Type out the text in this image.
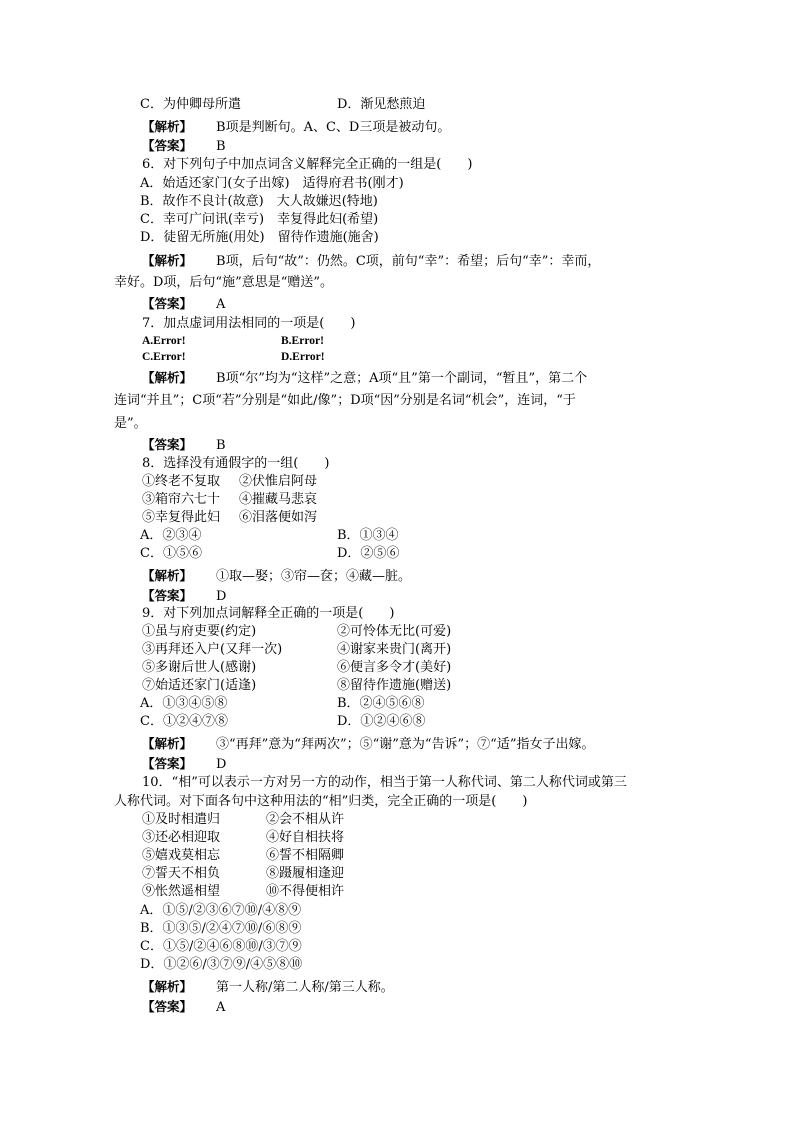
C．为仲卿母所遣	D．渐见愁煎迫
【解析】 B项是判断句。A、C、D三项是被动句。
【答案】 B
6．对下列句子中加点词含义解释完全正确的一组是(　　)
A．始适还家门(女子出嫁)　适得府君书(刚才)
B．故作不良计(故意)　大人故嫌迟(特地)
C．幸可广问讯(幸亏)　幸复得此妇(希望)
D．徒留无所施(用处)　留待作遗施(施舍)
【解析】 B项，后句“故”：仍然。C项，前句“幸”：希望；后句“幸”：幸而，
幸好。D项，后句“施”意思是“赠送”。
【答案】 A
7．加点虚词用法相同的一项是(　　)
A.Error!	B.Error!
C.Error!	D.Error!
【解析】 B项“尔”均为“这样”之意；A项“且”第一个副词，“暂且”，第二个
连词“并且”；C项“若”分别是“如此/像”；D项“因”分别是名词“机会”，连词，“于
是”。
【答案】 B
8．选择没有通假字的一组(　　)
①终老不复取 ②伏惟启阿母
③箱帘六七十 ④摧藏马悲哀
⑤幸复得此妇 ⑥泪落便如泻
A．②③④	B．①③④
C．①⑤⑥	D．②⑤⑥
【解析】 ①取—娶；③帘—奁；④藏—脏。
【答案】 D
9．对下列加点词解释全正确的一项是(　　)
①虽与府吏要(约定)	②可怜体无比(可爱)
③再拜还入户(又拜一次)	④谢家来贵门(离开)
⑤多谢后世人(感谢)	⑥便言多令才(美好)
⑦始适还家门(适逢)	⑧留待作遗施(赠送)
A．①③④⑤⑧	B．②④⑤⑥⑧
C．①②④⑦⑧	D．①②④⑥⑧
【解析】 ③“再拜”意为“拜两次”；⑤“谢”意为“告诉”；⑦“适”指女子出嫁。
【答案】 D
10．“相”可以表示一方对另一方的动作，相当于第一人称代词、第二人称代词或第三
人称代词。对下面各句中这种用法的“相”归类，完全正确的一项是(　　)
①及时相遣归	②会不相从许
③还必相迎取	④好自相扶将
⑤嬉戏莫相忘	⑥誓不相隔卿
⑦誓天不相负	⑧蹑履相逢迎
⑨怅然遥相望	⑩不得便相许
A．①⑤/②③⑥⑦⑩/④⑧⑨
B．①③⑤/②④⑦⑩/⑥⑧⑨
C．①⑤/②④⑥⑧⑩/③⑦⑨
D．①②⑥/③⑦⑨/④⑤⑧⑩
【解析】 第一人称/第二人称/第三人称。
【答案】 A
